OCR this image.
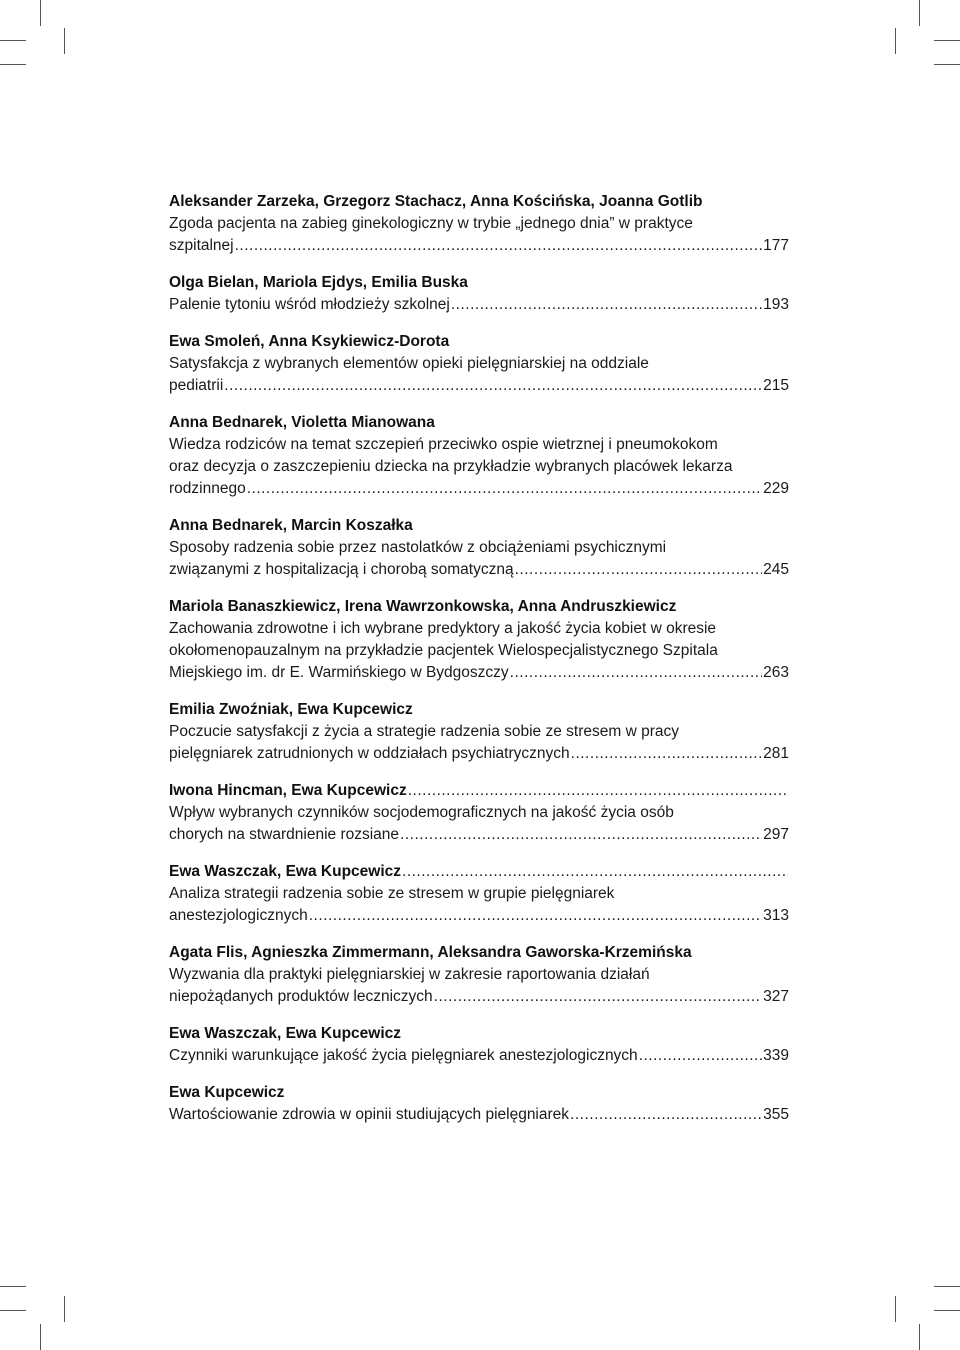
Aleksander Zarzeka, Grzegorz Stachacz, Anna Kościńska, Joanna Gotlib
Zgoda pacjenta na zabieg ginekologiczny w trybie „jednego dnia” w praktyce
szpitalnej .....	177
Olga Bielan, Mariola Ejdys, Emilia Buska
Palenie tytoniu wśród młodzieży szkolnej .....	193
Ewa Smoleń, Anna Ksykiewicz-Dorota
Satysfakcja z wybranych elementów opieki pielęgniarskiej na oddziale
pediatrii .....	215
Anna Bednarek, Violetta Mianowana
Wiedza rodziców na temat szczepień przeciwko ospie wietrznej i pneumokokom
oraz decyzja o zaszczepieniu dziecka na przykładzie wybranych placówek lekarza
rodzinnego .....	229
Anna Bednarek, Marcin Koszałka
Sposoby radzenia sobie przez nastolatków z obciążeniami psychicznymi
związanymi z hospitalizacją i chorobą somatyczną .....	245
Mariola Banaszkiewicz, Irena Wawrzonkowska, Anna Andruszkiewicz
Zachowania zdrowotne i ich wybrane predyktory a jakość życia kobiet w okresie
okołomenopauzalnym na przykładzie pacjentek Wielospecjalistycznego Szpitala
Miejskiego im. dr E. Warmińskiego w Bydgoszczy .....	263
Emilia Zwoźniak, Ewa Kupcewicz
Poczucie satysfakcji z życia a strategie radzenia sobie ze stresem w pracy
pielęgniarek zatrudnionych w oddziałach psychiatrycznych .....	281
Iwona Hincman, Ewa Kupcewicz
.....
Wpływ wybranych czynników socjodemograficznych na jakość życia osób
chorych na stwardnienie rozsiane .....	297
Ewa Waszczak, Ewa Kupcewicz
.....
Analiza strategii radzenia sobie ze stresem w grupie pielęgniarek
anestezjologicznych .....	313
Agata Flis, Agnieszka Zimmermann, Aleksandra Gaworska-Krzemińska
Wyzwania dla praktyki pielęgniarskiej w zakresie raportowania działań
niepożądanych produktów leczniczych .....	327
Ewa Waszczak, Ewa Kupcewicz
Czynniki warunkujące jakość życia pielęgniarek anestezjologicznych .....	339
Ewa Kupcewicz
Wartościowanie zdrowia w opinii studiujących pielęgniarek .....	355
